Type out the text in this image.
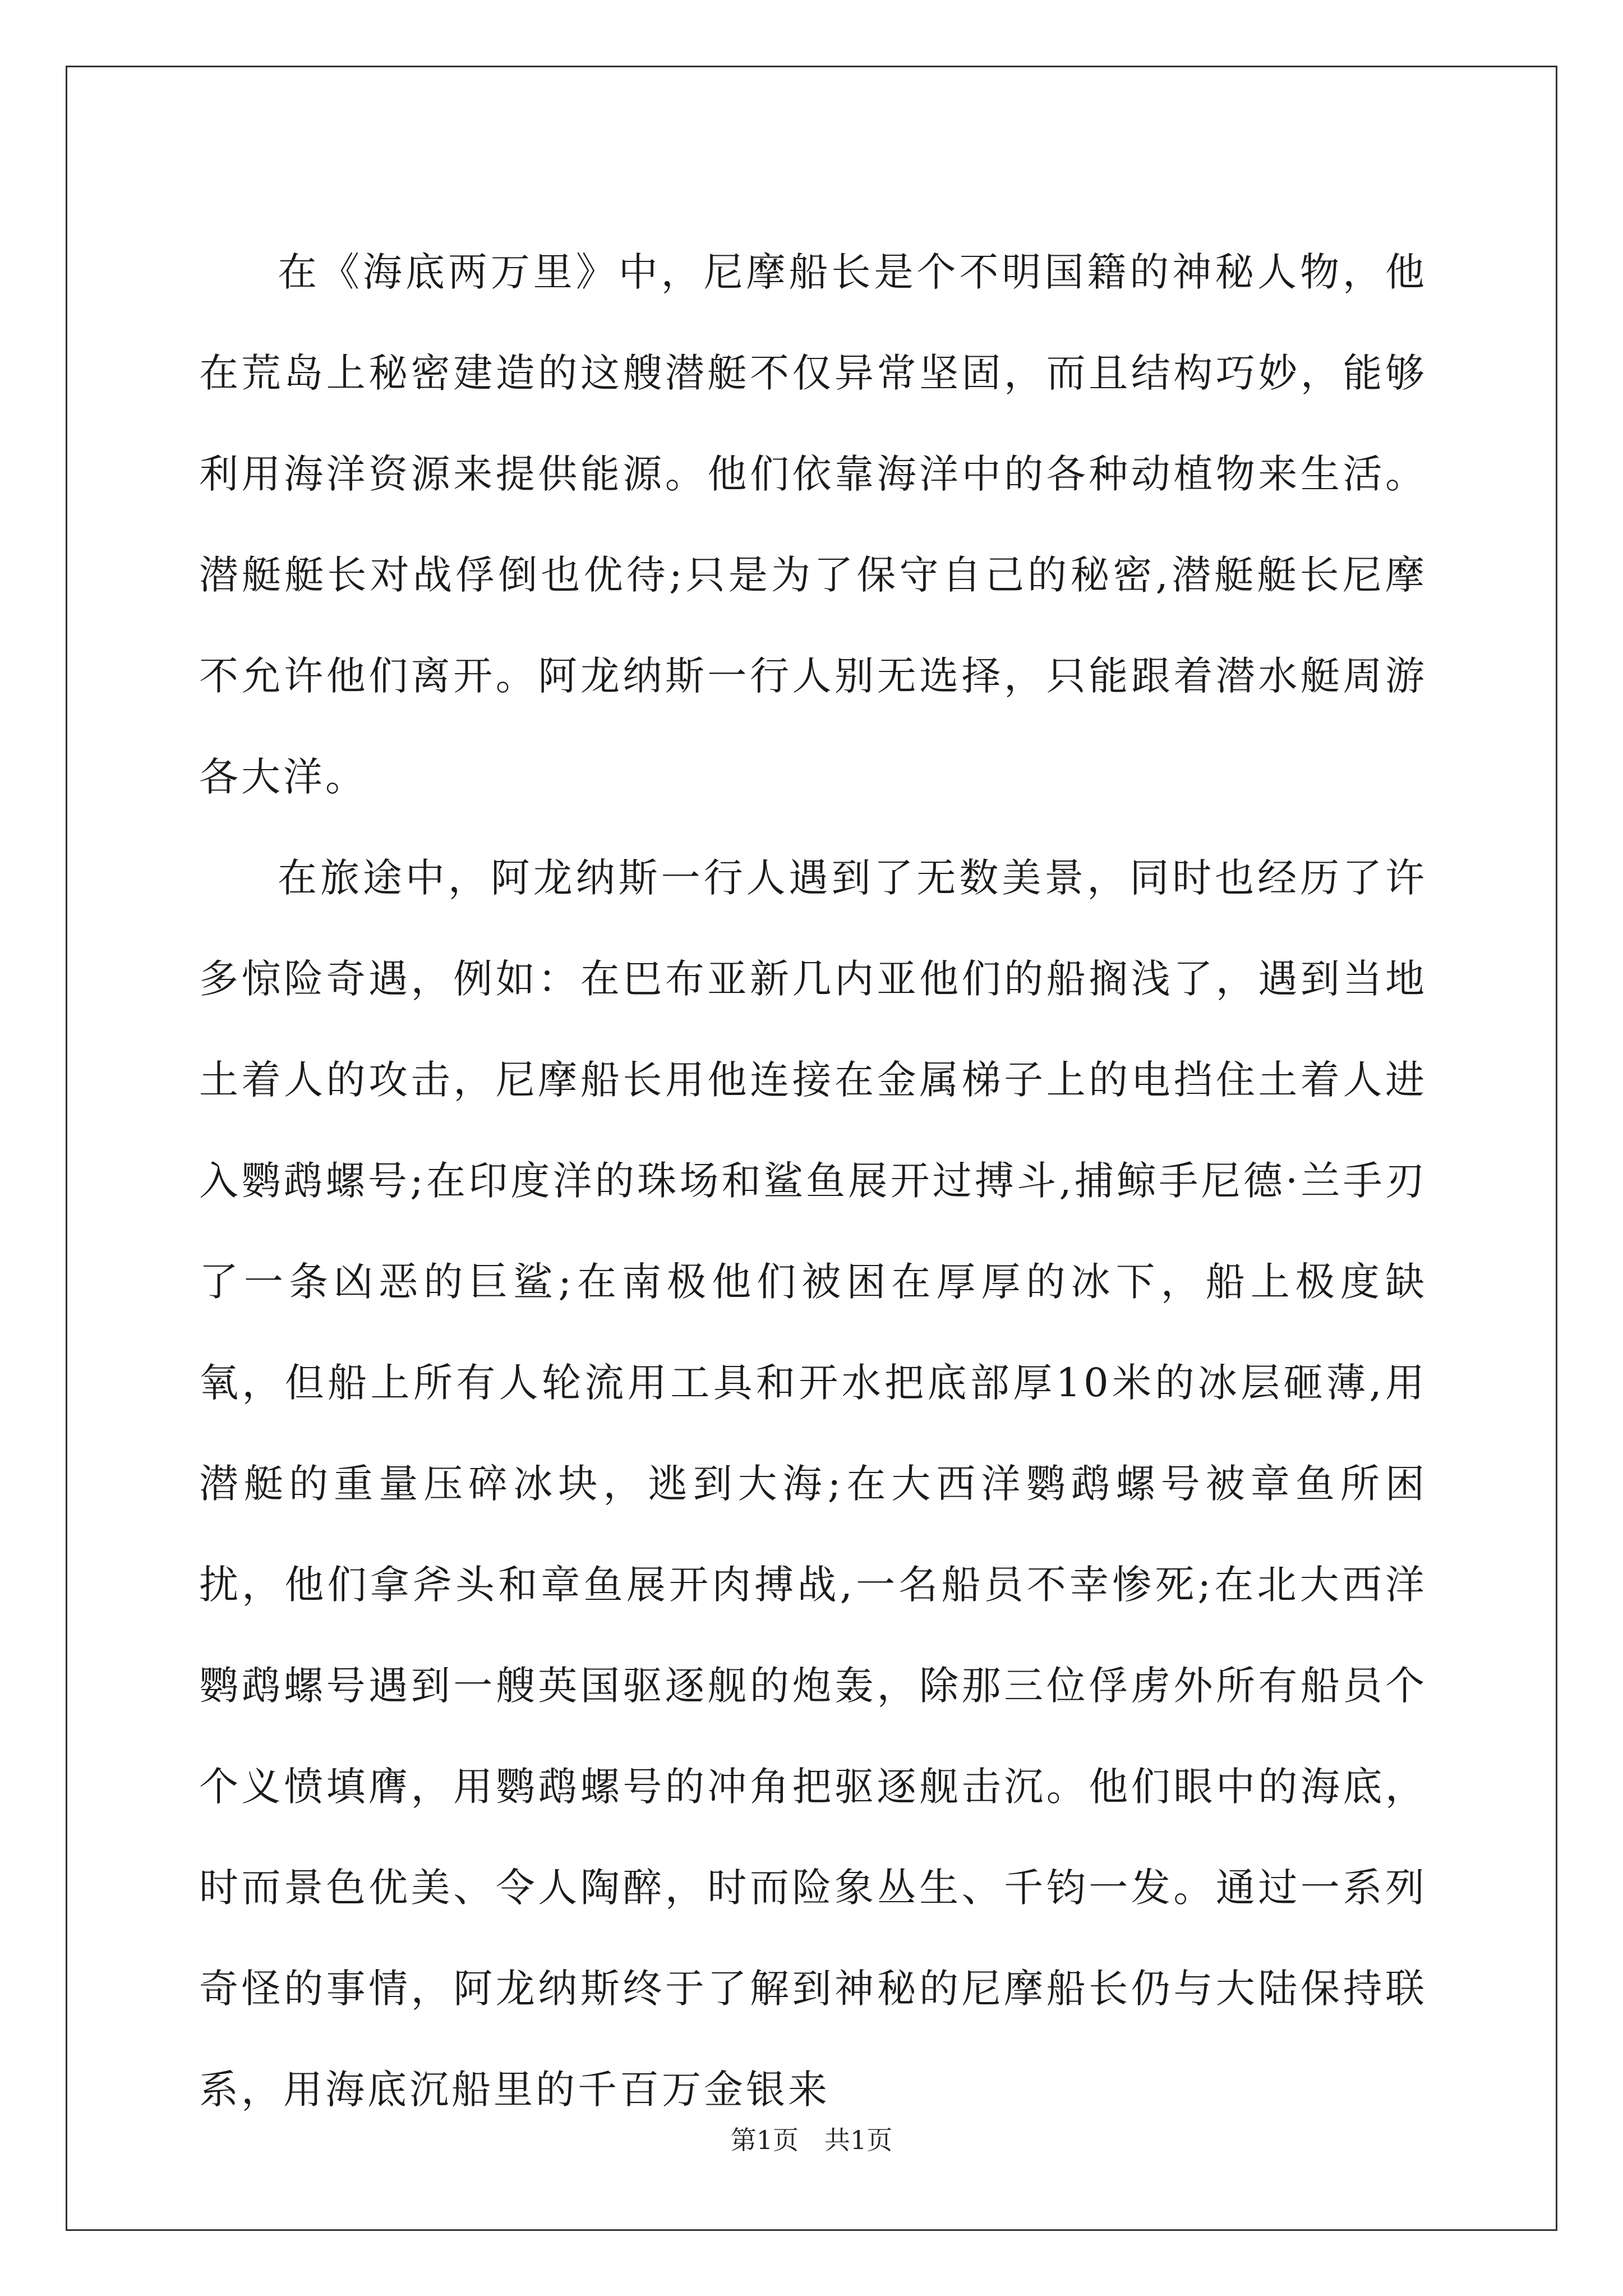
在《海底两万里》中，尼摩船长是个不明国籍的神秘人物，他在荒岛上秘密建造的这艘潜艇不仅异常坚固，而且结构巧妙，能够利用海洋资源来提供能源。他们依靠海洋中的各种动植物来生活。潜艇艇长对战俘倒也优待;只是为了保守自己的秘密,潜艇艇长尼摩不允许他们离开。阿龙纳斯一行人别无选择，只能跟着潜水艇周游各大洋。

在旅途中，阿龙纳斯一行人遇到了无数美景，同时也经历了许多惊险奇遇，例如：在巴布亚新几内亚他们的船搁浅了，遇到当地土着人的攻击，尼摩船长用他连接在金属梯子上的电挡住土着人进入鹦鹉螺号;在印度洋的珠场和鲨鱼展开过搏斗,捕鲸手尼德·兰手刃了一条凶恶的巨鲨;在南极他们被困在厚厚的冰下，船上极度缺氧，但船上所有人轮流用工具和开水把底部厚10米的冰层砸薄,用潜艇的重量压碎冰块，逃到大海;在大西洋鹦鹉螺号被章鱼所困扰，他们拿斧头和章鱼展开肉搏战,一名船员不幸惨死;在北大西洋鹦鹉螺号遇到一艘英国驱逐舰的炮轰，除那三位俘虏外所有船员个个义愤填膺，用鹦鹉螺号的冲角把驱逐舰击沉。他们眼中的海底，时而景色优美、令人陶醉，时而险象丛生、千钧一发。通过一系列奇怪的事情，阿龙纳斯终于了解到神秘的尼摩船长仍与大陆保持联系，用海底沉船里的千百万金银来

第1页　共1页
